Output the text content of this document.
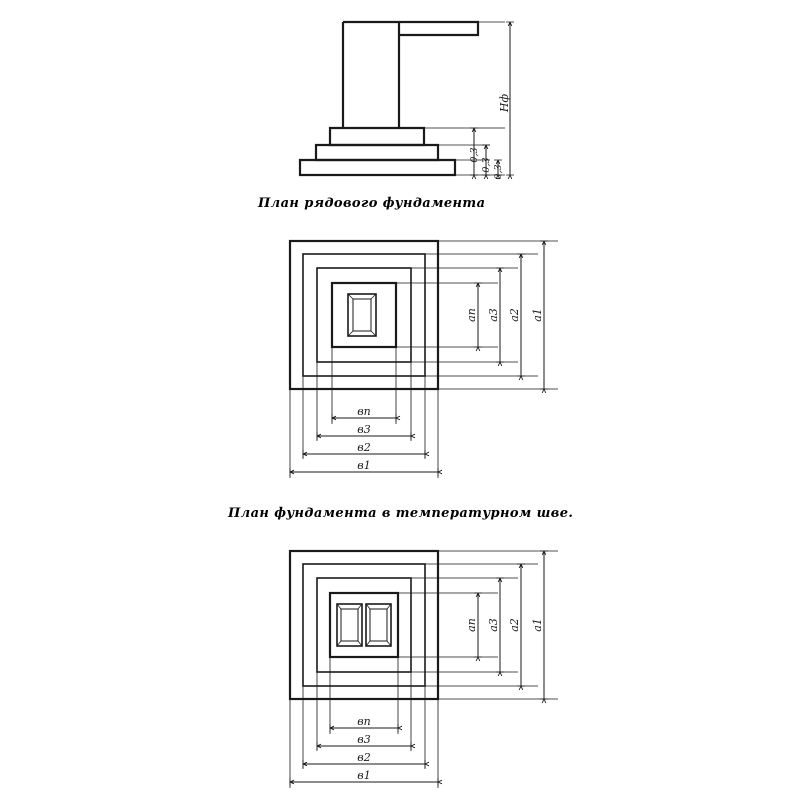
0,3
0,3 0,3
Нф
ап а3 а2 а1
вп
в3
в2
в1
ап а3 а2 а1
вп
в3
в2
в1
План рядового фундамента
План фундамента в температурном шве.
